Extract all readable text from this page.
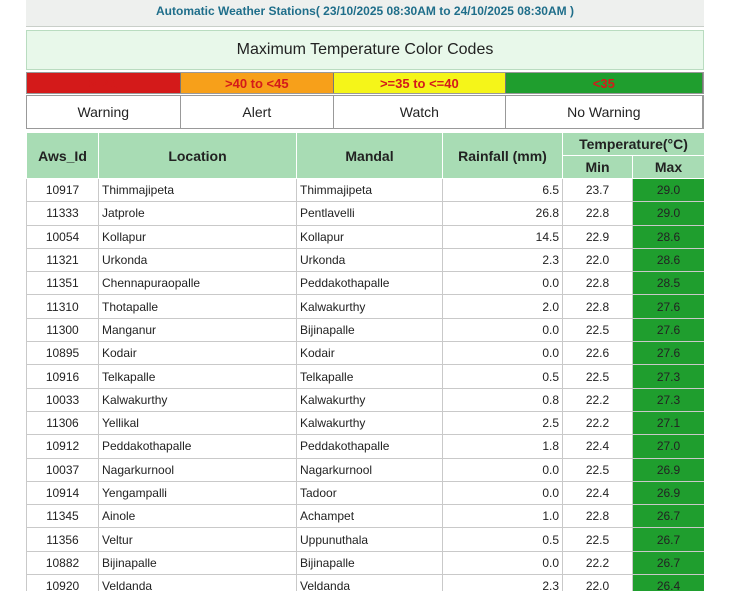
Automatic Weather Stations( 23/10/2025 08:30AM to 24/10/2025 08:30AM )
Maximum Temperature Color Codes
>=45	>40 to <45	>=35 to <=40	<35
Warning	Alert	Watch	No Warning
Aws_Id	Location	Mandal	Rainfall (mm)	Temperature(°C)	
				Min	Max
10917	Thimmajipeta	Thimmajipeta	6.5	23.7	29.0
11333	Jatprole	Pentlavelli	26.8	22.8	29.0
10054	Kollapur	Kollapur	14.5	22.9	28.6
11321	Urkonda	Urkonda	2.3	22.0	28.6
11351	Chennapuraopalle	Peddakothapalle	0.0	22.8	28.5
11310	Thotapalle	Kalwakurthy	2.0	22.8	27.6
11300	Manganur	Bijinapalle	0.0	22.5	27.6
10895	Kodair	Kodair	0.0	22.6	27.6
10916	Telkapalle	Telkapalle	0.5	22.5	27.3
10033	Kalwakurthy	Kalwakurthy	0.8	22.2	27.3
11306	Yellikal	Kalwakurthy	2.5	22.2	27.1
10912	Peddakothapalle	Peddakothapalle	1.8	22.4	27.0
10037	Nagarkurnool	Nagarkurnool	0.0	22.5	26.9
10914	Yengampalli	Tadoor	0.0	22.4	26.9
11345	Ainole	Achampet	1.0	22.8	26.7
11356	Veltur	Uppunuthala	0.5	22.5	26.7
10882	Bijinapalle	Bijinapalle	0.0	22.2	26.7
10920	Veldanda	Veldanda	2.3	22.0	26.4
